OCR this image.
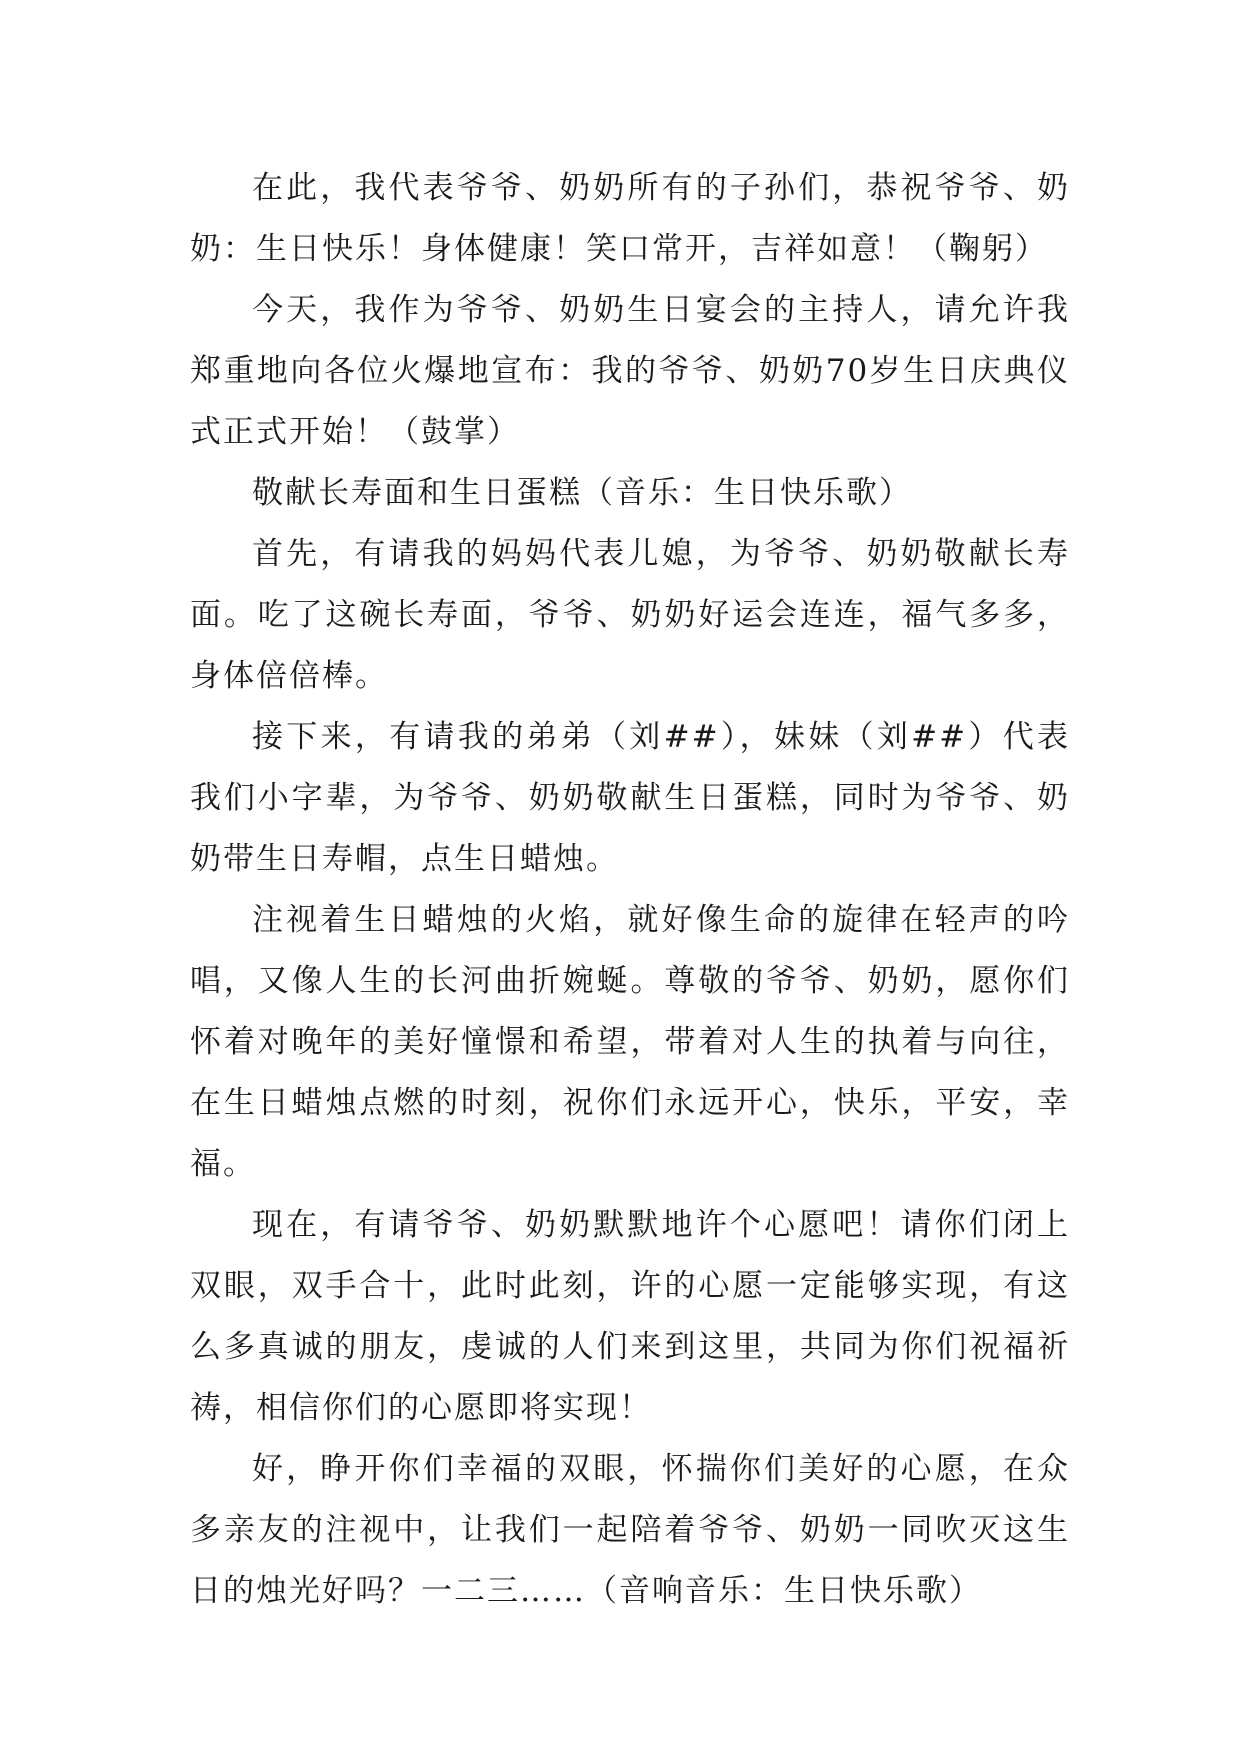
在此，我代表爷爷、奶奶所有的子孙们，恭祝爷爷、奶奶：生日快乐！身体健康！笑口常开，吉祥如意！（鞠躬）

今天，我作为爷爷、奶奶生日宴会的主持人，请允许我郑重地向各位火爆地宣布：我的爷爷、奶奶70岁生日庆典仪式正式开始！（鼓掌）

敬献长寿面和生日蛋糕（音乐：生日快乐歌）

首先，有请我的妈妈代表儿媳，为爷爷、奶奶敬献长寿面。吃了这碗长寿面，爷爷、奶奶好运会连连，福气多多，身体倍倍棒。

接下来，有请我的弟弟（刘##），妹妹（刘##）代表我们小字辈，为爷爷、奶奶敬献生日蛋糕，同时为爷爷、奶奶带生日寿帽，点生日蜡烛。

注视着生日蜡烛的火焰，就好像生命的旋律在轻声的吟唱，又像人生的长河曲折婉蜒。尊敬的爷爷、奶奶，愿你们怀着对晚年的美好憧憬和希望，带着对人生的执着与向往，在生日蜡烛点燃的时刻，祝你们永远开心，快乐，平安，幸福。

现在，有请爷爷、奶奶默默地许个心愿吧！请你们闭上双眼，双手合十，此时此刻，许的心愿一定能够实现，有这么多真诚的朋友，虔诚的人们来到这里，共同为你们祝福祈祷，相信你们的心愿即将实现！

好，睁开你们幸福的双眼，怀揣你们美好的心愿，在众多亲友的注视中，让我们一起陪着爷爷、奶奶一同吹灭这生日的烛光好吗？一二三……（音响音乐：生日快乐歌）
